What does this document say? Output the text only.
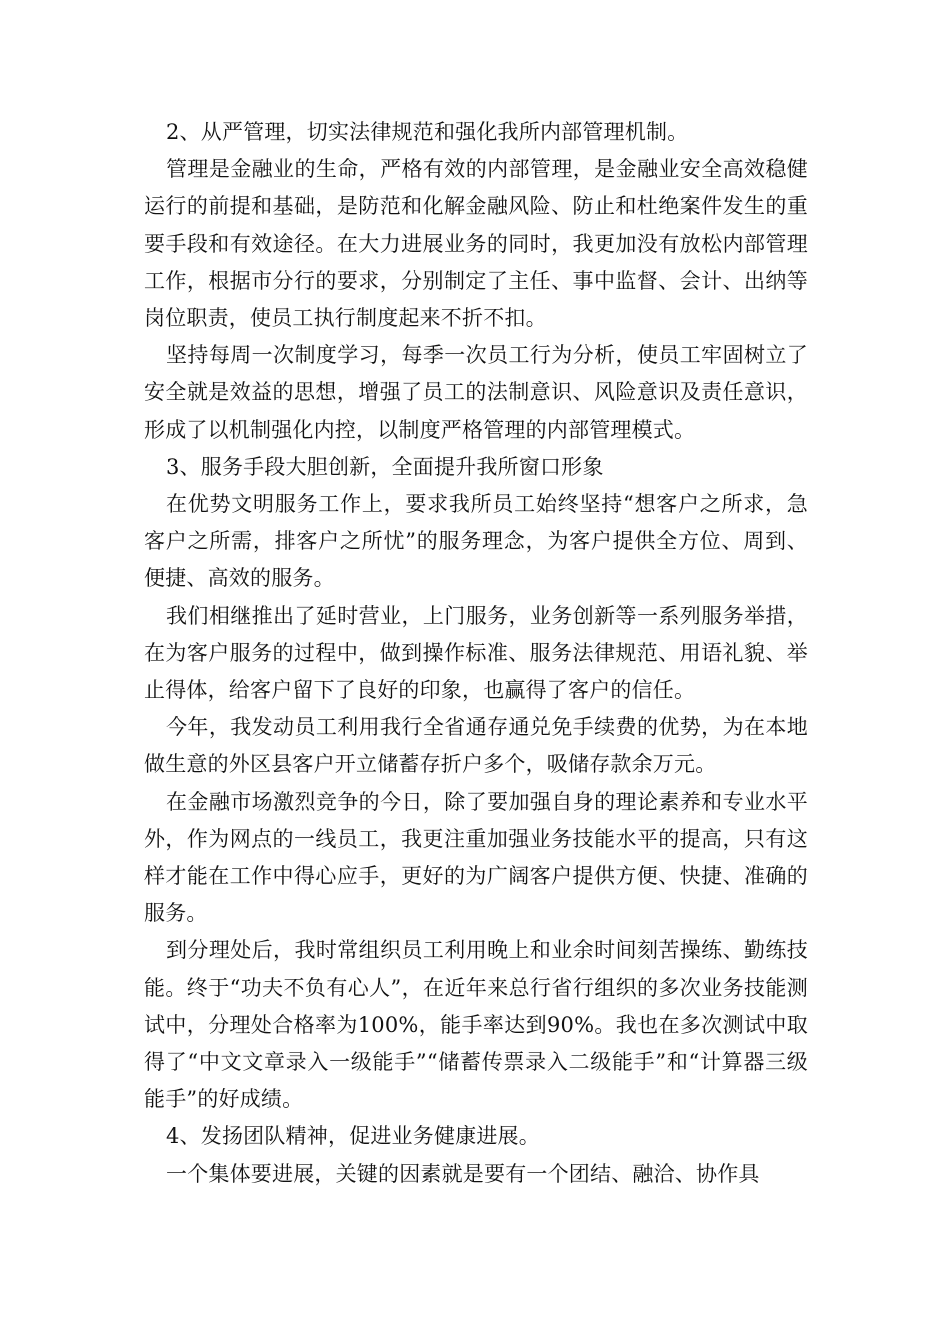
2、从严管理，切实法律规范和强化我所内部管理机制。

管理是金融业的生命，严格有效的内部管理，是金融业安全高效稳健运行的前提和基础，是防范和化解金融风险、防止和杜绝案件发生的重要手段和有效途径。在大力进展业务的同时，我更加没有放松内部管理工作，根据市分行的要求，分别制定了主任、事中监督、会计、出纳等岗位职责，使员工执行制度起来不折不扣。

坚持每周一次制度学习，每季一次员工行为分析，使员工牢固树立了安全就是效益的思想，增强了员工的法制意识、风险意识及责任意识，形成了以机制强化内控，以制度严格管理的内部管理模式。

3、服务手段大胆创新，全面提升我所窗口形象

在优势文明服务工作上，要求我所员工始终坚持“想客户之所求，急客户之所需，排客户之所忧”的服务理念，为客户提供全方位、周到、便捷、高效的服务。

我们相继推出了延时营业，上门服务，业务创新等一系列服务举措，在为客户服务的过程中，做到操作标准、服务法律规范、用语礼貌、举止得体，给客户留下了良好的印象，也赢得了客户的信任。

今年，我发动员工利用我行全省通存通兑免手续费的优势，为在本地做生意的外区县客户开立储蓄存折户多个，吸储存款余万元。

在金融市场激烈竞争的今日，除了要加强自身的理论素养和专业水平外，作为网点的一线员工，我更注重加强业务技能水平的提高，只有这样才能在工作中得心应手，更好的为广阔客户提供方便、快捷、准确的服务。

到分理处后，我时常组织员工利用晚上和业余时间刻苦操练、勤练技能。终于“功夫不负有心人”，在近年来总行省行组织的多次业务技能测试中，分理处合格率为100%，能手率达到90%。我也在多次测试中取得了“中文文章录入一级能手”“储蓄传票录入二级能手”和“计算器三级能手”的好成绩。

4、发扬团队精神，促进业务健康进展。

一个集体要进展，关键的因素就是要有一个团结、融洽、协作具
